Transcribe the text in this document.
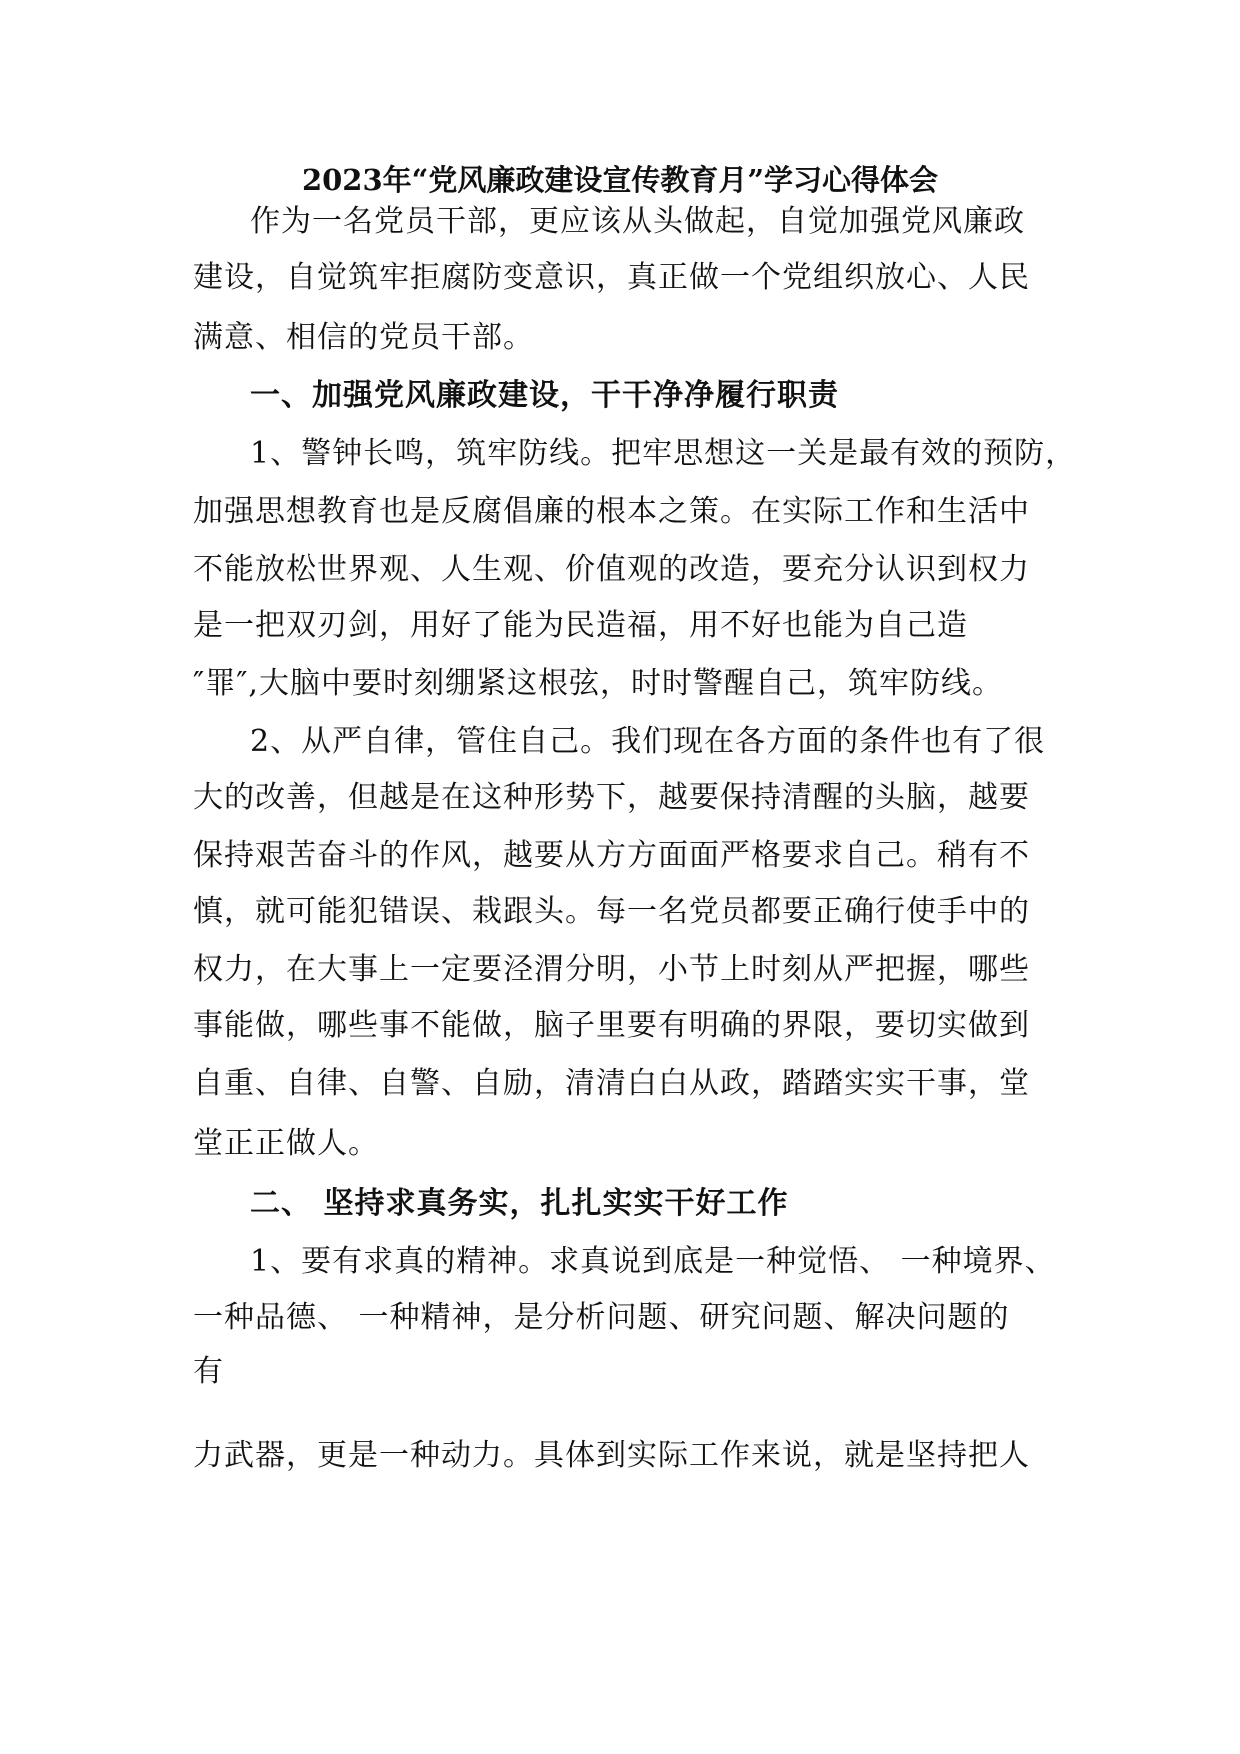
2023年“党风廉政建设宣传教育月”学习心得体会
作为一名党员干部，更应该从头做起，自觉加强党风廉政
建设，自觉筑牢拒腐防变意识，真正做一个党组织放心、人民
满意、相信的党员干部。
一、加强党风廉政建设，干干净净履行职责
1、警钟长鸣，筑牢防线。把牢思想这一关是最有效的预防，
加强思想教育也是反腐倡廉的根本之策。在实际工作和生活中
不能放松世界观、人生观、价值观的改造，要充分认识到权力
是一把双刃剑，用好了能为民造福，用不好也能为自己造
″罪″,大脑中要时刻绷紧这根弦，时时警醒自己，筑牢防线。
2、从严自律，管住自己。我们现在各方面的条件也有了很
大的改善，但越是在这种形势下，越要保持清醒的头脑，越要
保持艰苦奋斗的作风，越要从方方面面严格要求自己。稍有不
慎，就可能犯错误、栽跟头。每一名党员都要正确行使手中的
权力，在大事上一定要泾渭分明，小节上时刻从严把握，哪些
事能做，哪些事不能做，脑子里要有明确的界限，要切实做到
自重、自律、自警、自励，清清白白从政，踏踏实实干事，堂
堂正正做人。
二、 坚持求真务实，扎扎实实干好工作
1、要有求真的精神。求真说到底是一种觉悟、 一种境界、
一种品德、 一种精神，是分析问题、研究问题、解决问题的
有
力武器，更是一种动力。具体到实际工作来说，就是坚持把人
